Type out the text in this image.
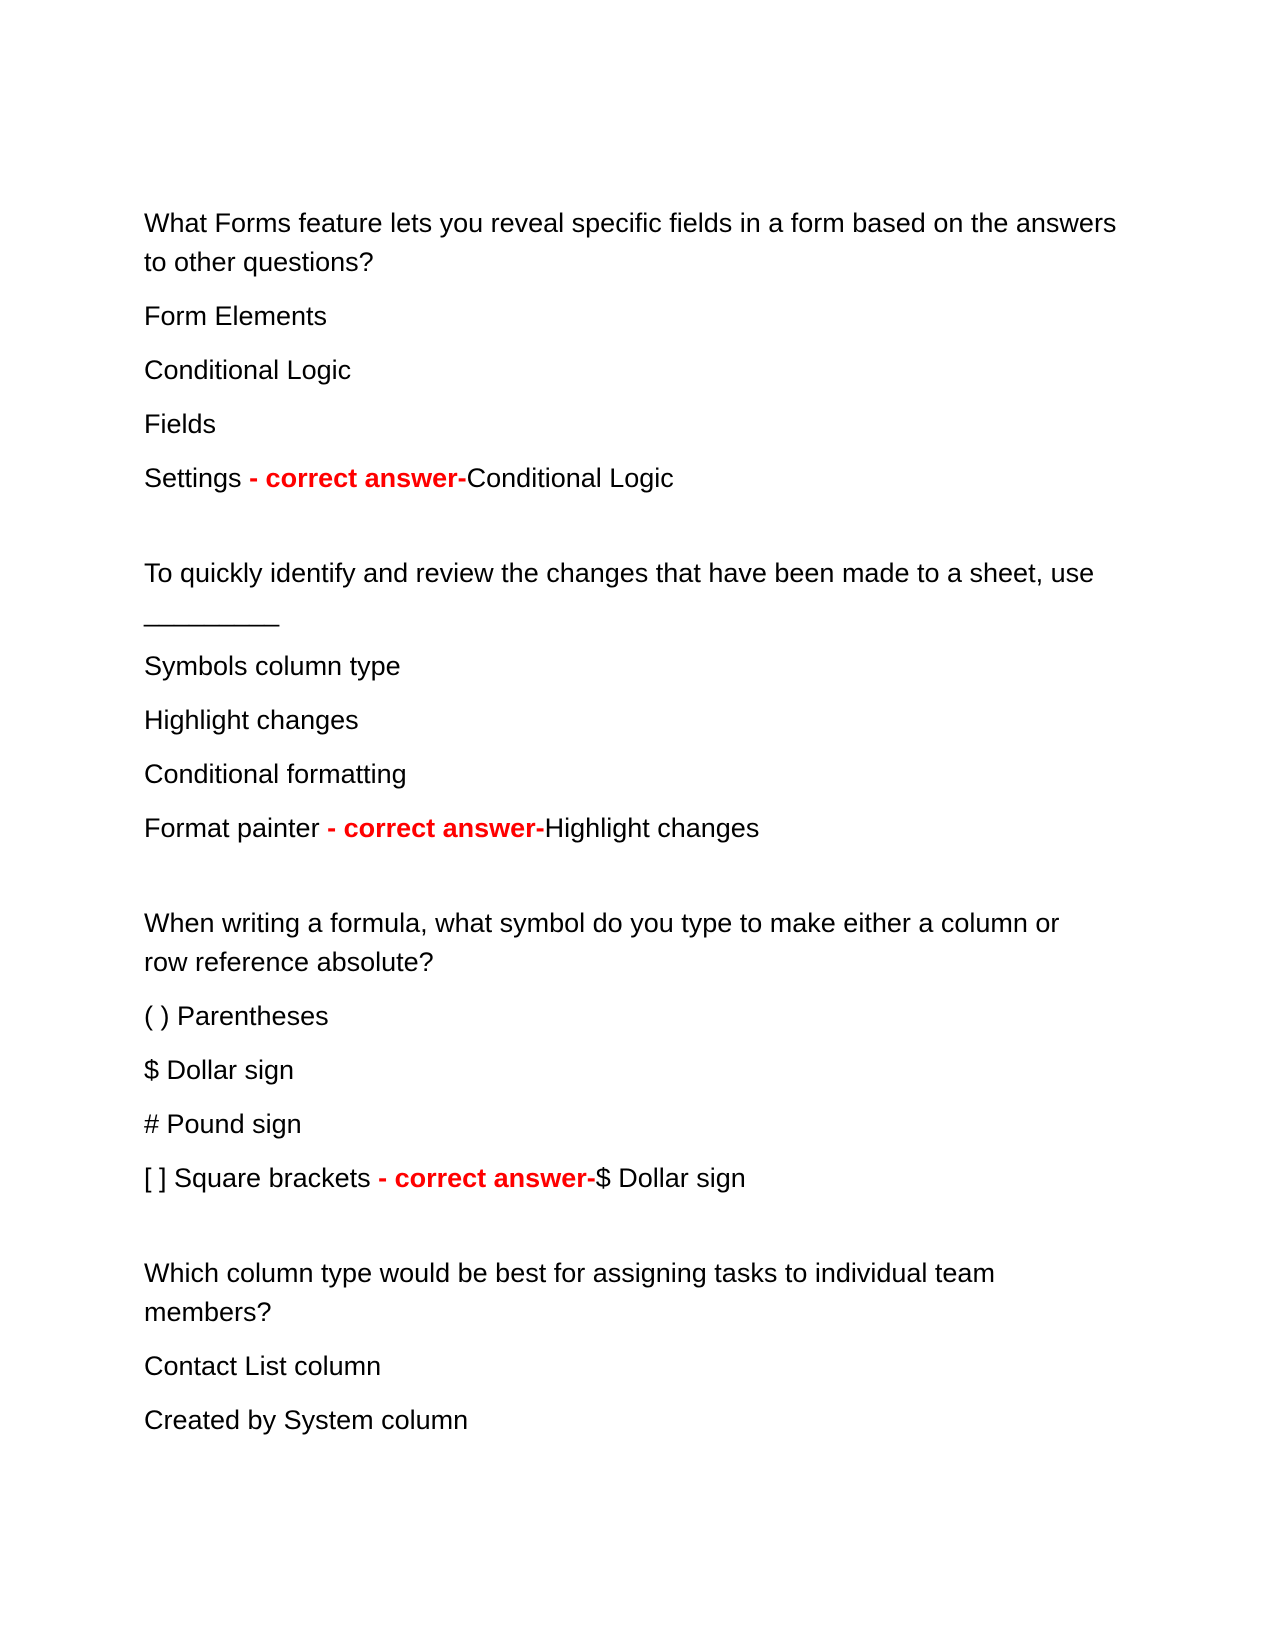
What Forms feature lets you reveal specific fields in a form based on the answers
to other questions?

Form Elements

Conditional Logic

Fields

Settings - correct answer-Conditional Logic

To quickly identify and review the changes that have been made to a sheet, use
_________

Symbols column type

Highlight changes

Conditional formatting

Format painter - correct answer-Highlight changes

When writing a formula, what symbol do you type to make either a column or
row reference absolute?

( ) Parentheses

$ Dollar sign

# Pound sign

[ ] Square brackets - correct answer-$ Dollar sign

Which column type would be best for assigning tasks to individual team
members?

Contact List column

Created by System column
